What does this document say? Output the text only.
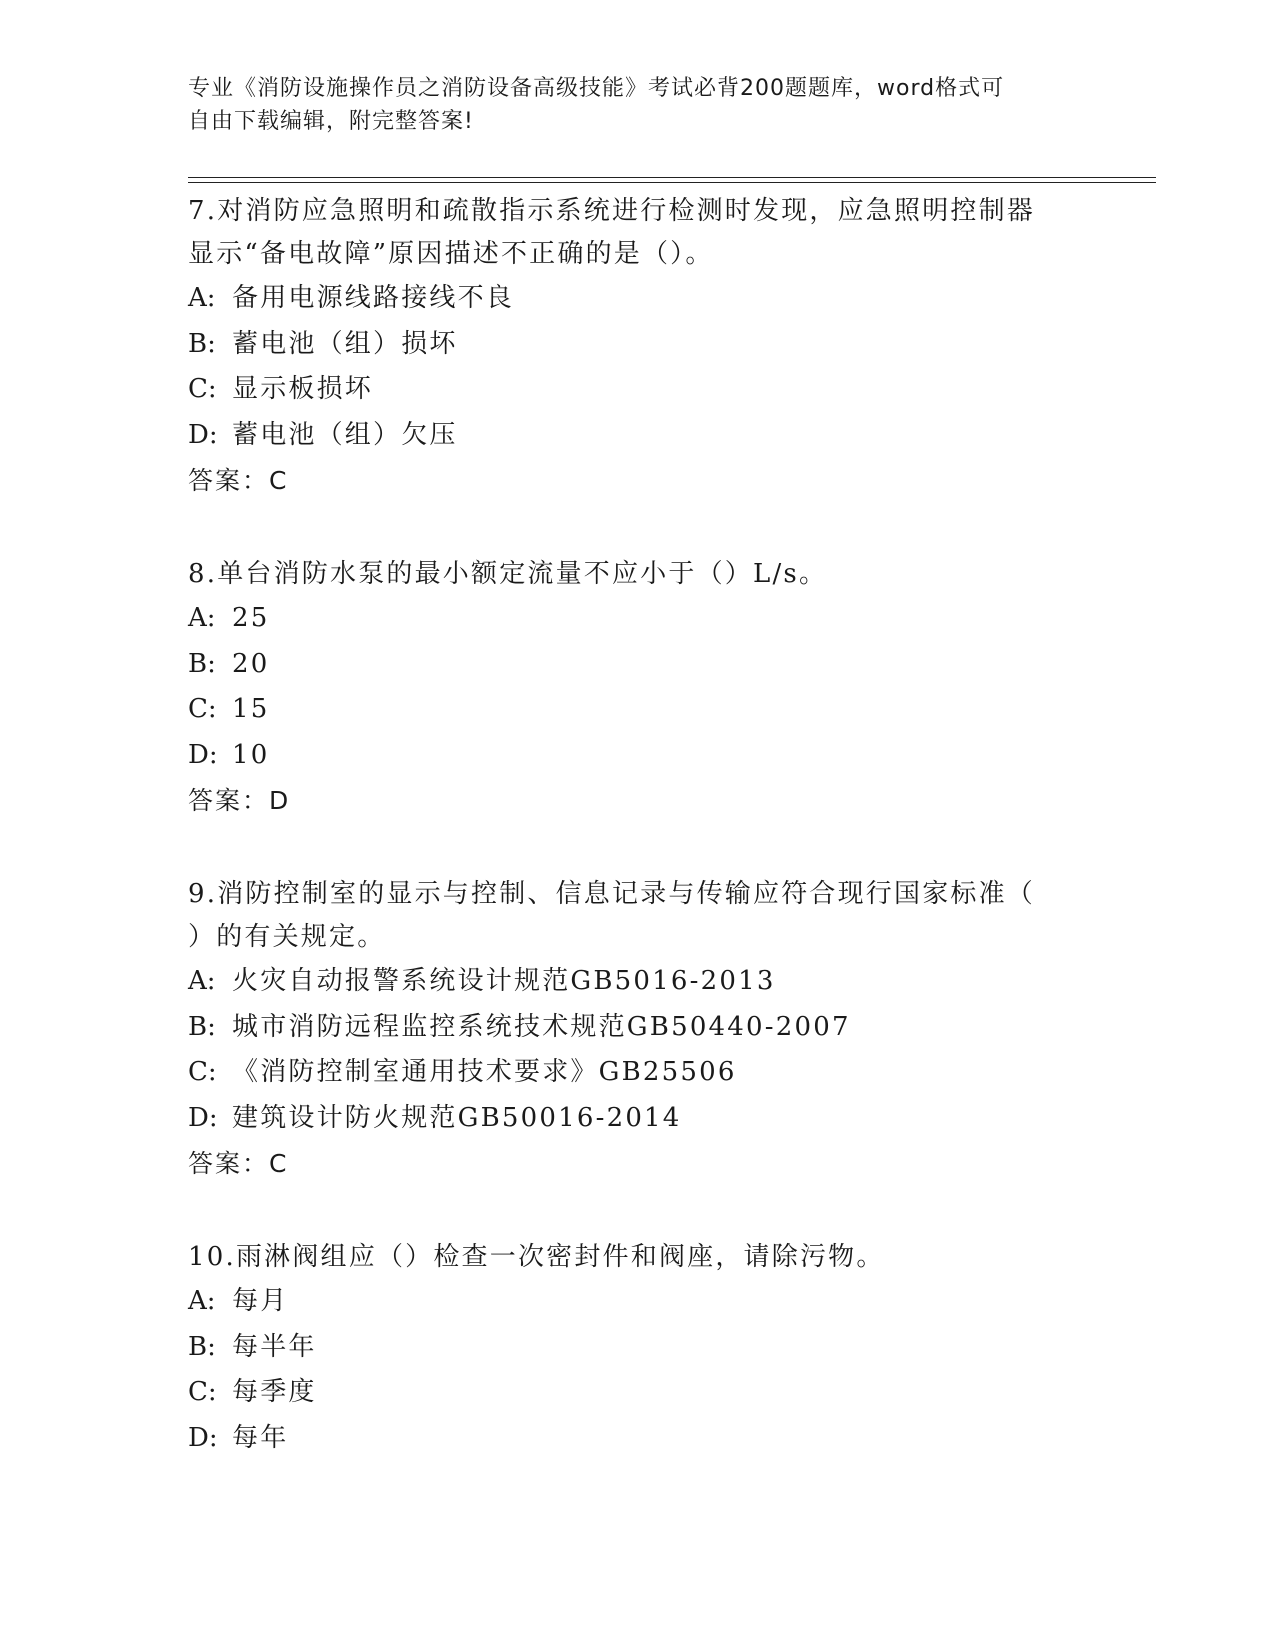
专业《消防设施操作员之消防设备高级技能》考试必背200题题库，word格式可
自由下载编辑，附完整答案!

7.对消防应急照明和疏散指示系统进行检测时发现，应急照明控制器
显示“备电故障”原因描述不正确的是（）。

A: 备用电源线路接线不良

B: 蓄电池（组）损坏

C: 显示板损坏

D: 蓄电池（组）欠压

答案：C

8.单台消防水泵的最小额定流量不应小于（）L/s。

A: 25

B: 20

C: 15

D: 10

答案：D

9.消防控制室的显示与控制、信息记录与传输应符合现行国家标准（
）的有关规定。

A: 火灾自动报警系统设计规范GB5016-2013

B: 城市消防远程监控系统技术规范GB50440-2007

C: 《消防控制室通用技术要求》GB25506

D: 建筑设计防火规范GB50016-2014

答案：C

10.雨淋阀组应（）检查一次密封件和阀座，请除污物。

A: 每月

B: 每半年

C: 每季度

D: 每年
